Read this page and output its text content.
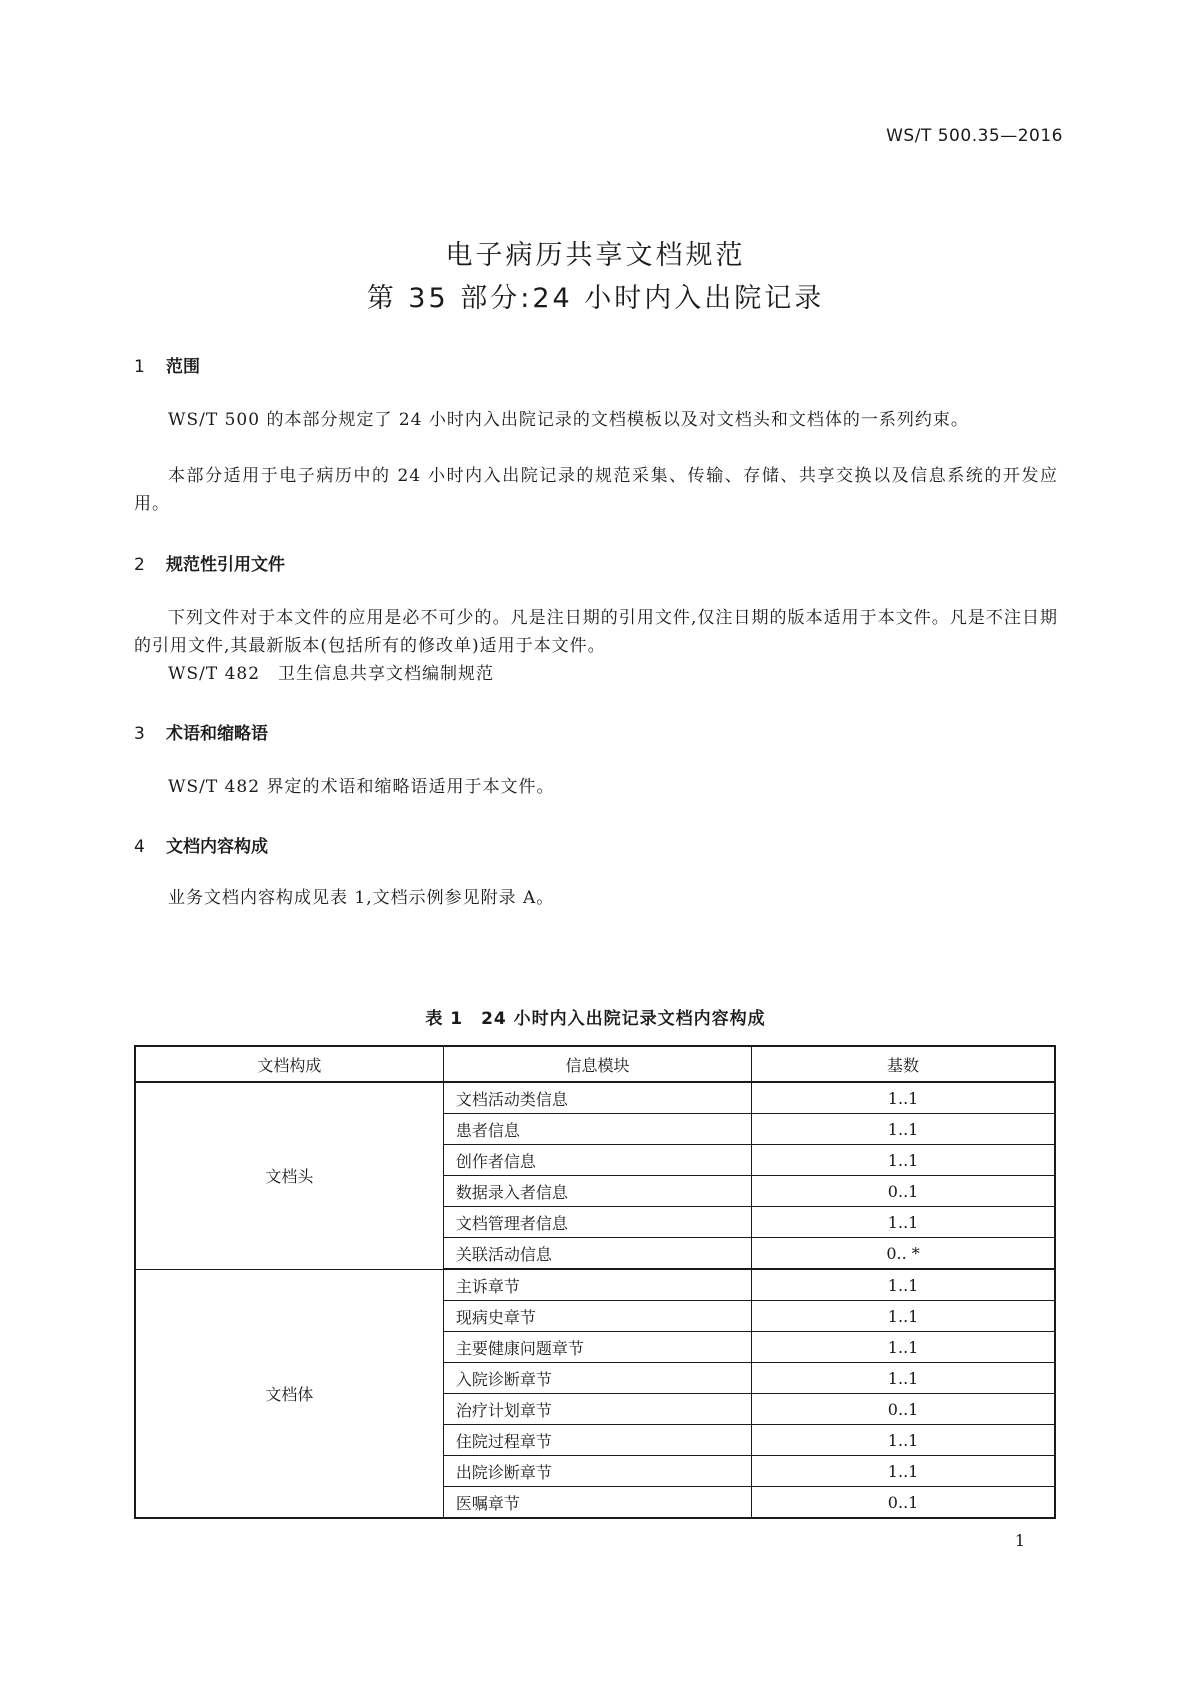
WS/T 500.35—2016
电子病历共享文档规范
第 35 部分:24 小时内入出院记录
1 范围
WS/T 500 的本部分规定了 24 小时内入出院记录的文档模板以及对文档头和文档体的一系列约束。
本部分适用于电子病历中的 24 小时内入出院记录的规范采集、传输、存储、共享交换以及信息系统的开发应用。
2 规范性引用文件
下列文件对于本文件的应用是必不可少的。凡是注日期的引用文件,仅注日期的版本适用于本文件。凡是不注日期的引用文件,其最新版本(包括所有的修改单)适用于本文件。
WS/T 482　卫生信息共享文档编制规范
3 术语和缩略语
WS/T 482 界定的术语和缩略语适用于本文件。
4 文档内容构成
业务文档内容构成见表 1,文档示例参见附录 A。
表 1　24 小时内入出院记录文档内容构成
文档构成	信息模块	基数
文档头	文档活动类信息	1..1
	患者信息	1..1
	创作者信息	1..1
	数据录入者信息	0..1
	文档管理者信息	1..1
	关联活动信息	0.. *
文档体	主诉章节	1..1
	现病史章节	1..1
	主要健康问题章节	1..1
	入院诊断章节	1..1
	治疗计划章节	0..1
	住院过程章节	1..1
	出院诊断章节	1..1
	医嘱章节	0..1
1
